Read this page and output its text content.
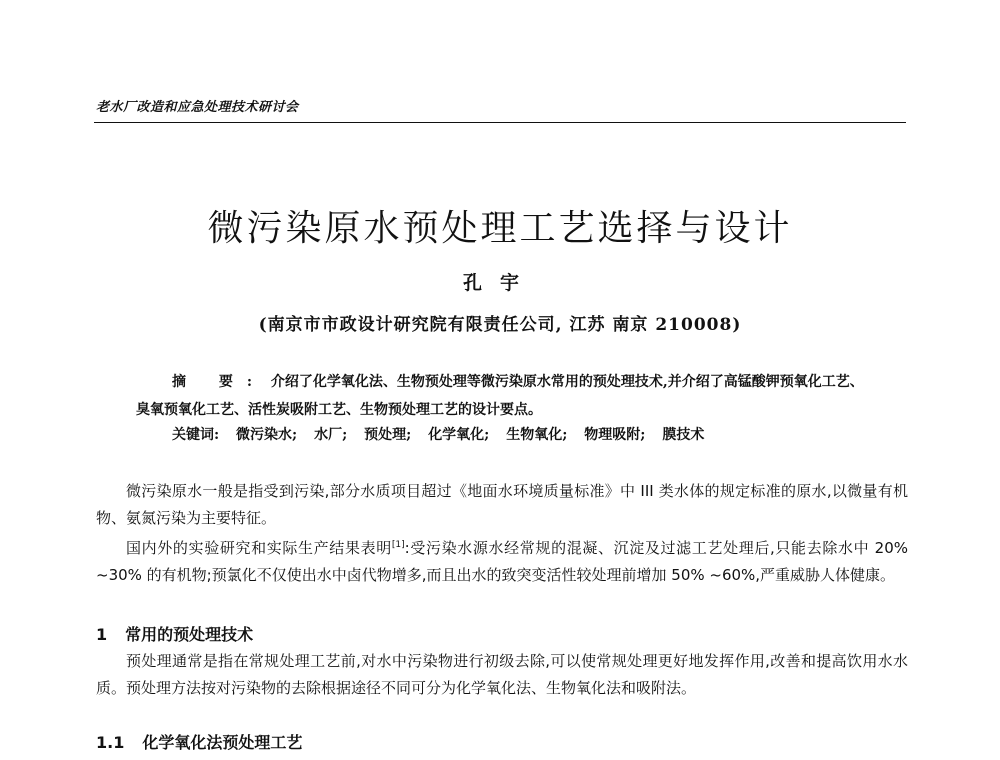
老水厂改造和应急处理技术研讨会
微污染原水预处理工艺选择与设计
孔宇
(南京市市政设计研究院有限责任公司, 江苏 南京 210008)
摘 要: 介绍了化学氧化法、生物预处理等微污染原水常用的预处理技术,并介绍了高锰酸钾预氧化工艺、臭氧预氧化工艺、活性炭吸附工艺、生物预处理工艺的设计要点。
关键词: 微污染水; 水厂; 预处理; 化学氧化; 生物氧化; 物理吸附; 膜技术

微污染原水一般是指受到污染,部分水质项目超过《地面水环境质量标准》中 III 类水体的规定标准的原水,以微量有机物、氨氮污染为主要特征。

国内外的实验研究和实际生产结果表明[1]:受污染水源水经常规的混凝、沉淀及过滤工艺处理后,只能去除水中 20% ~30% 的有机物;预氯化不仅使出水中卤代物增多,而且出水的致突变活性较处理前增加 50% ~60%,严重威胁人体健康。

1 常用的预处理技术

预处理通常是指在常规处理工艺前,对水中污染物进行初级去除,可以使常规处理更好地发挥作用,改善和提高饮用水水质。预处理方法按对污染物的去除根据途径不同可分为化学氧化法、生物氧化法和吸附法。

1.1 化学氧化法预处理工艺
